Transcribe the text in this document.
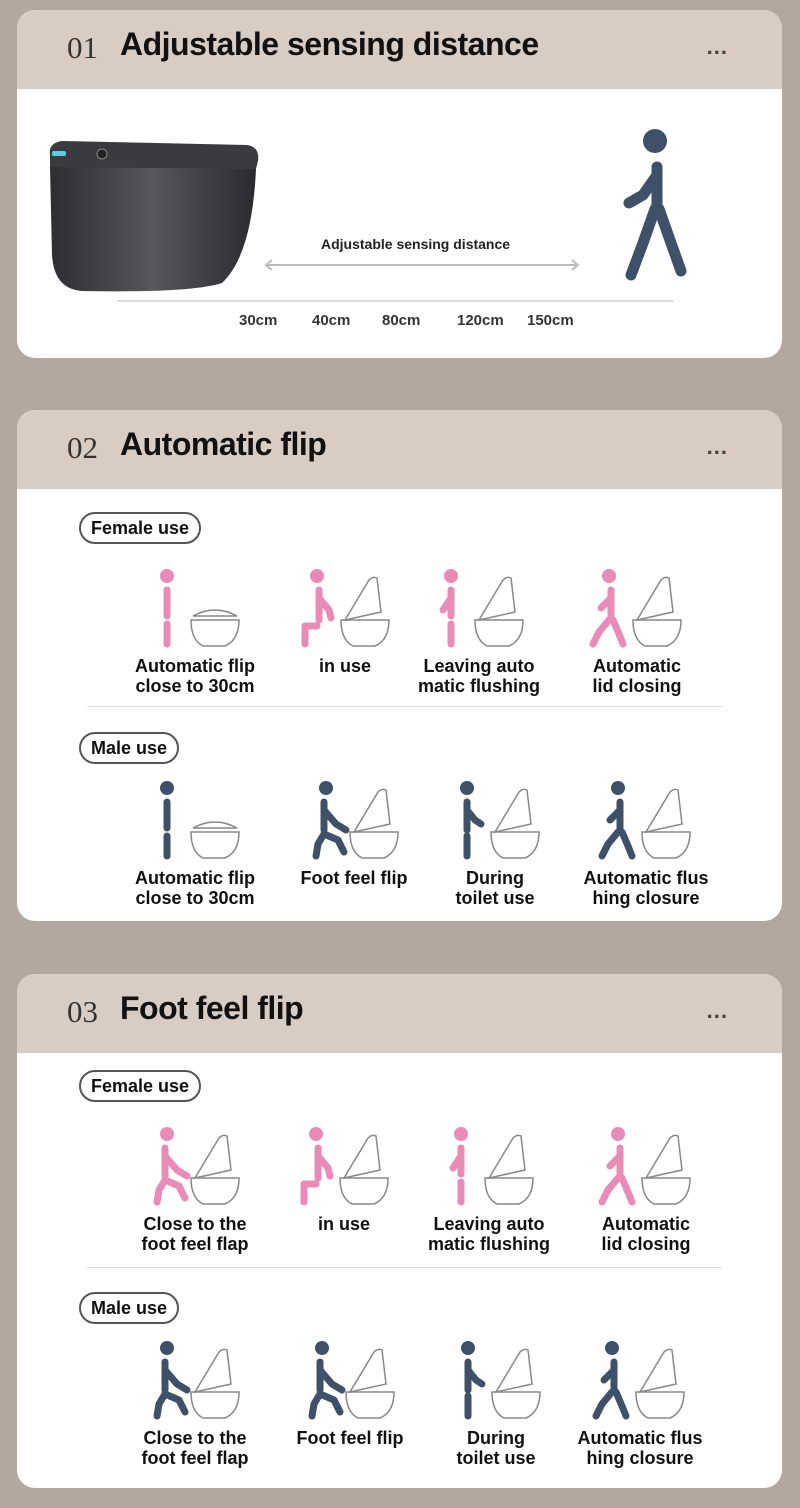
01 Adjustable sensing distance	...
Adjustable sensing distance
30cm 40cm 80cm 120cm 150cm
02 Automatic flip	...
Female use
Automatic flip
close to 30cm
in use	Leaving auto
matic flushing
Automatic
lid closing
Male use
Automatic flip
close to 30cm
Foot feel flip	During
toilet use
Automatic flus
hing closure
03 Foot feel flip	...
Female use
Close to the
foot feel flap
in use	Leaving auto
matic flushing
Automatic
lid closing
Male use
Close to the
foot feel flap
Foot feel flip	During
toilet use
Automatic flus
hing closure
